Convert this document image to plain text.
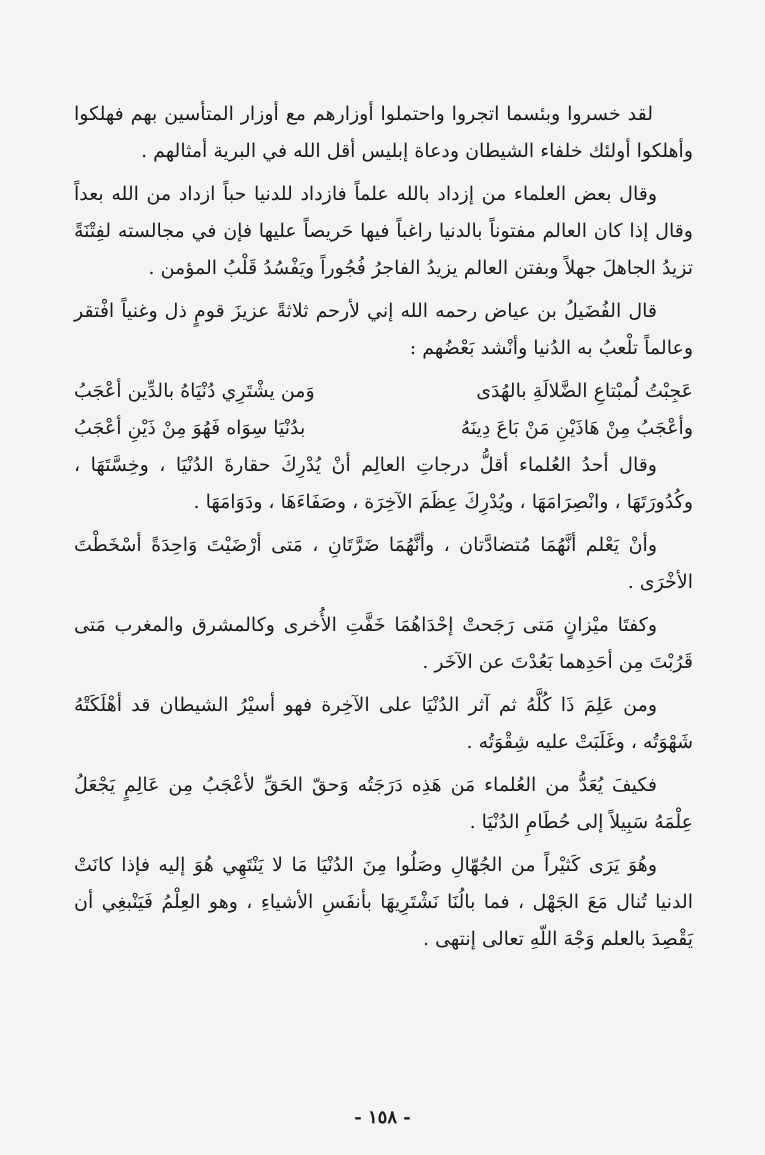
لقد خسروا وبئسما اتجروا واحتملوا أوزارهم مع أوزار المتأسين بهم فهلكوا وأهلكوا أولئك خلفاء الشيطان ودعاة إبليس أقل الله في البرية أمثالهم .

وقال بعض العلماء من إزداد بالله علماً فازداد للدنيا حباً ازداد من الله بعداً وقال إذا كان العالم مفتوناً بالدنيا راغباً فيها حَريصاً عليها فإن في مجالسته لفِتْنَةً تزيدُ الجاهلَ جهلاً وبفتن العالم يزيدُ الفاجرُ فُجُوراً ويَفْسُدُ قَلْبُ المؤمن .

قال الفُضَيلُ بن عياض رحمه الله إني لأرحم ثلاثةً عزيزَ قومٍ ذل وغنياً افْتقر وعالماً تلْعبُ به الدُنيا وأنْشد بَعْضُهم :

عَجِبْتُ لُمبْتاعِ الضَّلالَةِ بالهُدَى
وَمن يشْتَرِي دُنْيَاهُ بالدِّين أعْجَبُ
وأعْجَبُ مِنْ هَاذَيْنِ مَنْ بَاعَ دِينَهُ
بدُنْيَا سِوَاه فَهُوَ مِنْ ذَيْنِ أعْجَبُ

وقال أحدُ العُلماء أقلُّ درجاتِ العالِم أنْ يُدْرِكَ حقارةَ الدُنْيَا ، وخِسَّتَهَا ، وكُدُورَتَهَا ، وانْصِرَامَهَا ، ويُدْرِكَ عِظَمَ الآخِرَة ، وصَفَاءَهَا ، ودَوَامَهَا .

وأنْ يَعْلم أنَّهُمَا مُتضادَّتان ، وأنَّهُمَا ضَرَّتَانِ ، مَتى أرْضَيْتَ وَاحِدَةً أسْخَطْتَ الأخْرَى .

وكفتَا ميْزانٍ مَتى رَجَحتْ إحْدَاهُمَا خَفَّتِ الأُخرى وكالمشرق والمغرب مَتى قَرُبْتَ مِن أحَدِهما بَعُدْتَ عن الآخَر .

ومن عَلِمَ ذَا كُلَّهُ ثم آثر الدُنْيَا على الآخِرة فهو أسيْرُ الشيطان قد أهْلَكَتْهُ شَهْوَتُه ، وغَلَبَتْ عليه شِقْوَتُه .

فكيفَ يُعَدُّ من العُلماء مَن هَذِه دَرَجَتُه وَحقّ الحَقِّ لأعْجَبُ مِن عَالِمٍ يَجْعَلُ عِلْمَهُ سَبِيلاً إلى حُطَامِ الدُنْيَا .

وهُوَ يَرَى كَثيْراً من الجُهّالِ وصَلُوا مِنَ الدُنْيَا مَا لا يَنْتَهِي هُوَ إليه فإذا كانَتْ الدنيا تُنال مَعَ الجَهْل ، فما بالُنَا نَشْتَرِيهَا بأنفَسِ الأشياءِ ، وهو العِلْمُ فَيَنْبغِي أن يَقْصِدَ بالعلم وَجْهَ اللّهِ تعالى إنتهى .

- ١٥٨ -
